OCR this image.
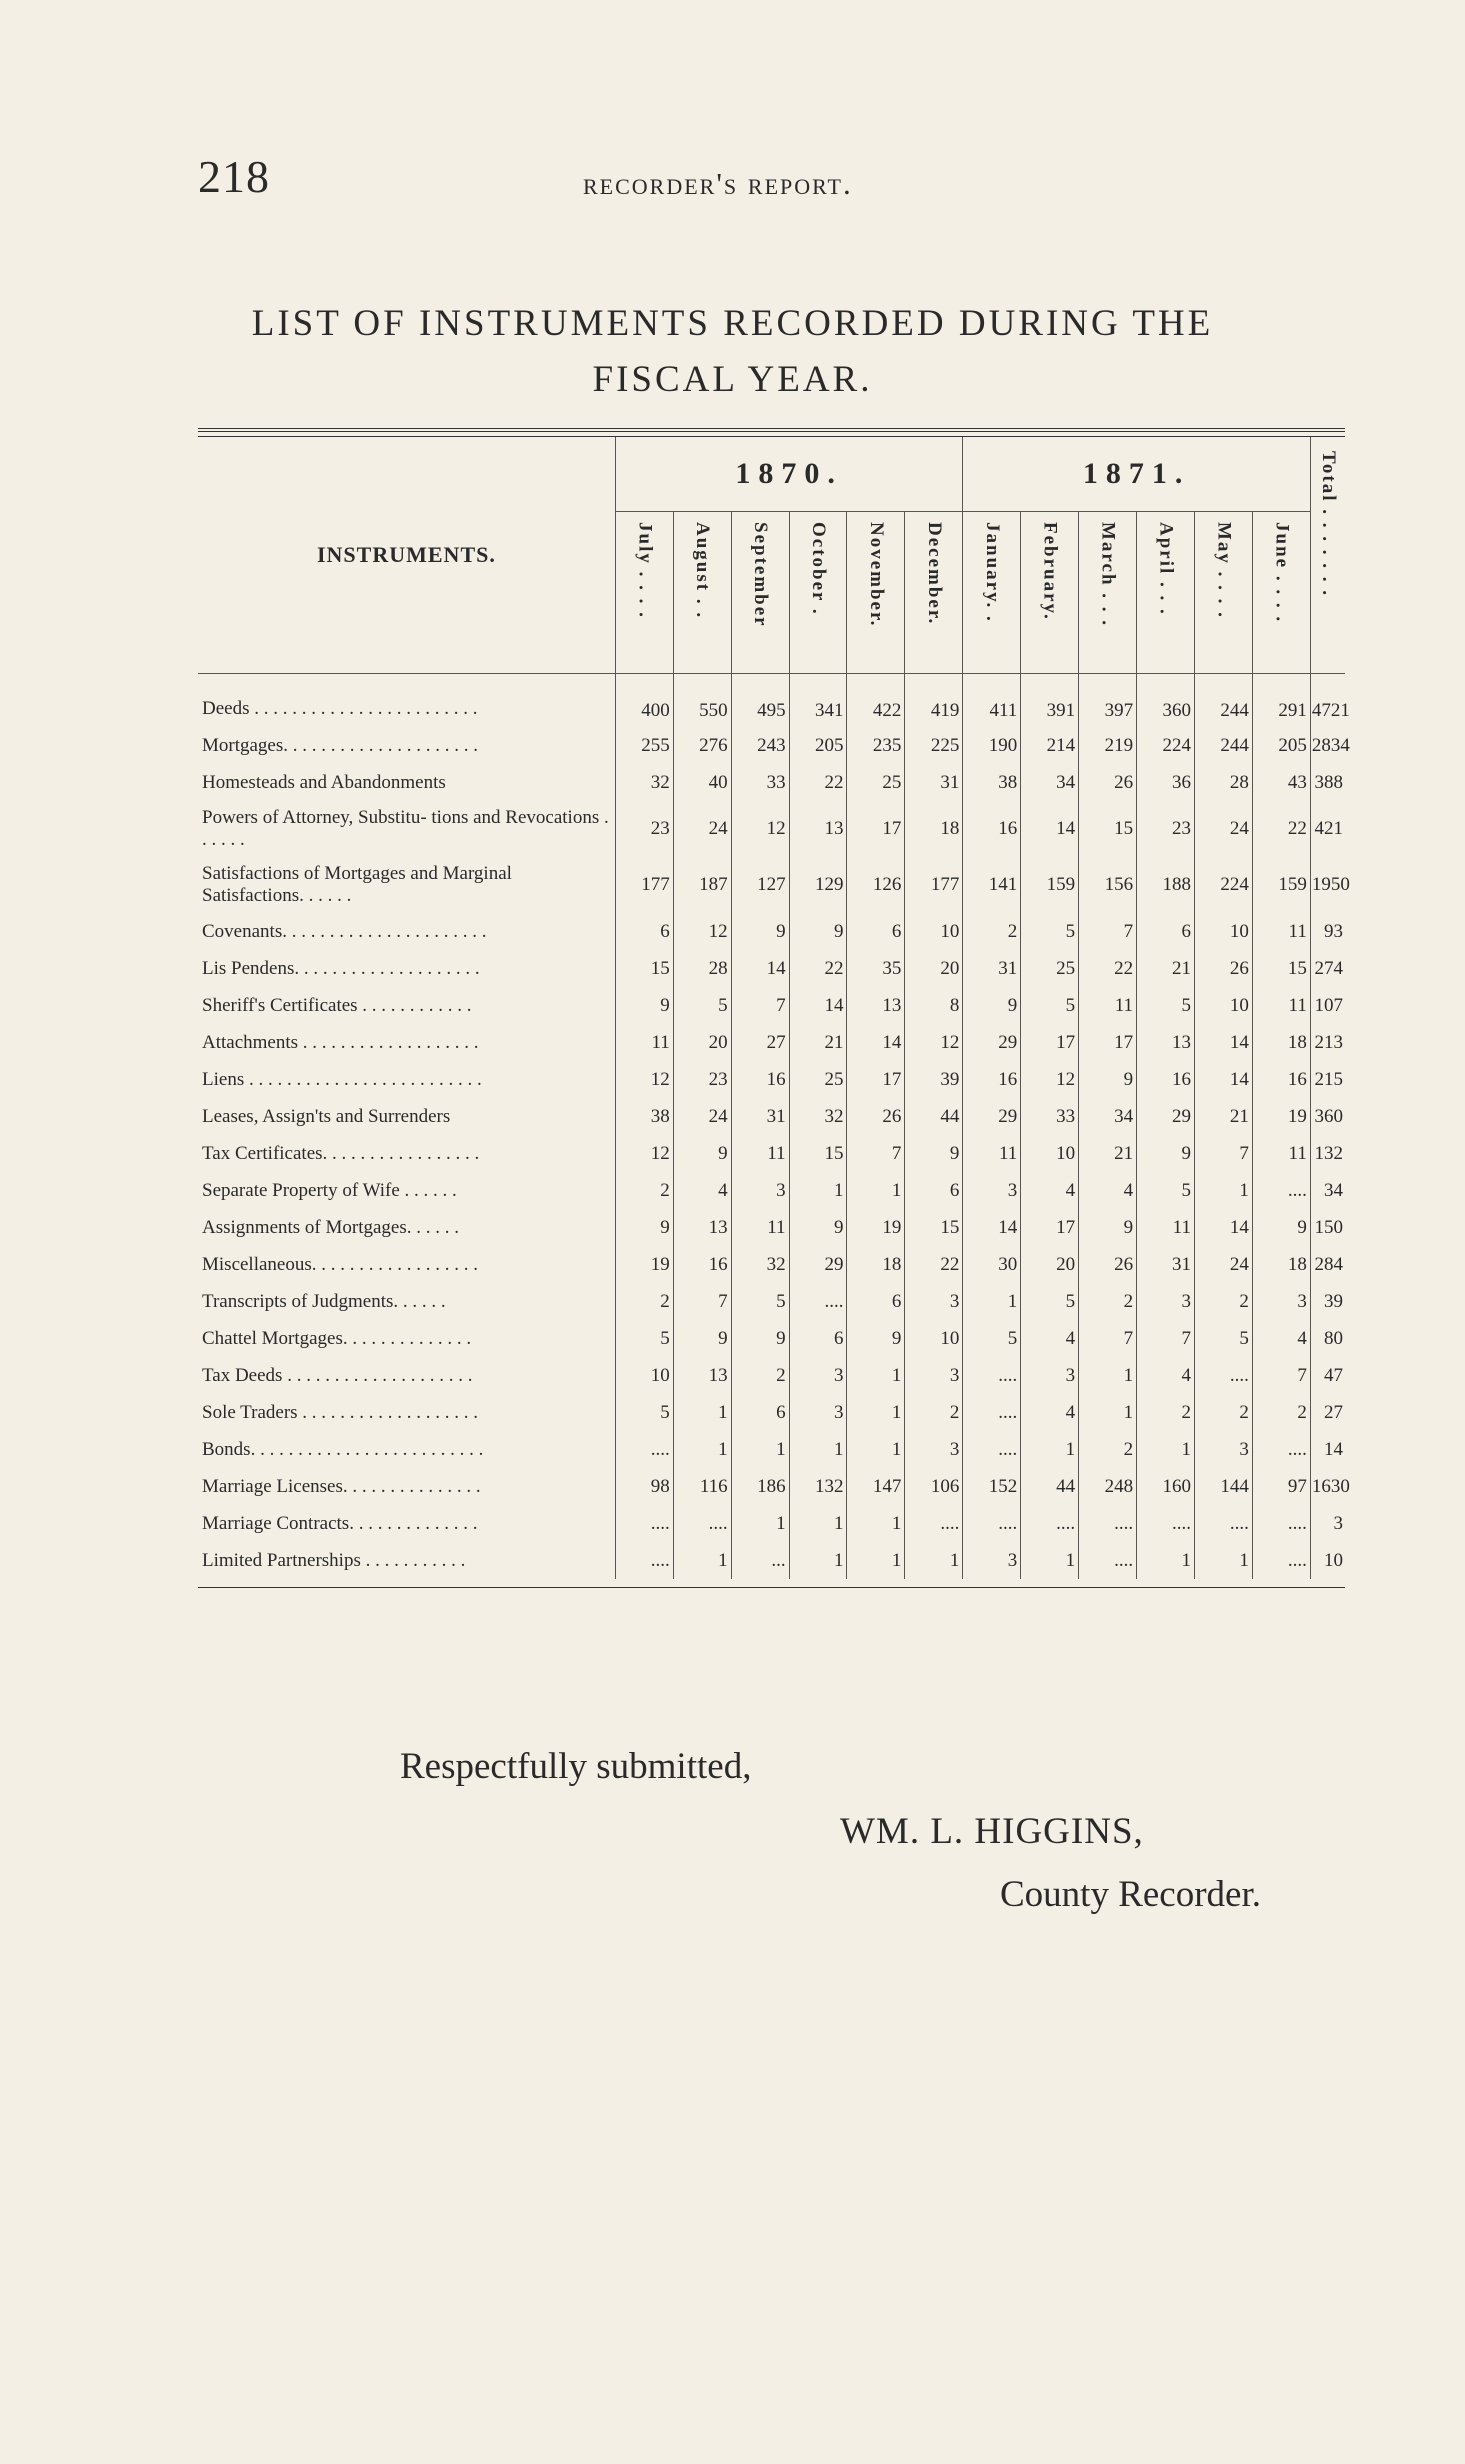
218	recorder's report.
LIST OF INSTRUMENTS RECORDED DURING THE
FISCAL YEAR.
INSTRUMENTS.	1870.						1871.						Total . . . . . . .
	July . . . .	August . .	September	October .	November.	December.	January. .	February.	March . . .	April . . .	May . . . .	June . . . .	
Deeds . . . . . . . . . . . . . . . . . . . . . . . .	400	550	495	341	422	419	411	391	397	360	244	291	4721
Mortgages. . . . . . . . . . . . . . . . . . . . .	255	276	243	205	235	225	190	214	219	224	244	205	2834
Homesteads and Abandonments	32	40	33	22	25	31	38	34	26	36	28	43	388
Powers of Attorney, Substitu- tions and Revocations . . . . . .	23	24	12	13	17	18	16	14	15	23	24	22	421
Satisfactions of Mortgages and Marginal Satisfactions. . . . . .	177	187	127	129	126	177	141	159	156	188	224	159	1950
Covenants. . . . . . . . . . . . . . . . . . . . . .	6	12	9	9	6	10	2	5	7	6	10	11	93
Lis Pendens. . . . . . . . . . . . . . . . . . . .	15	28	14	22	35	20	31	25	22	21	26	15	274
Sheriff's Certificates . . . . . . . . . . . .	9	5	7	14	13	8	9	5	11	5	10	11	107
Attachments . . . . . . . . . . . . . . . . . . .	11	20	27	21	14	12	29	17	17	13	14	18	213
Liens . . . . . . . . . . . . . . . . . . . . . . . . .	12	23	16	25	17	39	16	12	9	16	14	16	215
Leases, Assign'ts and Surrenders	38	24	31	32	26	44	29	33	34	29	21	19	360
Tax Certificates. . . . . . . . . . . . . . . . .	12	9	11	15	7	9	11	10	21	9	7	11	132
Separate Property of Wife . . . . . .	2	4	3	1	1	6	3	4	4	5	1	....	34
Assignments of Mortgages. . . . . .	9	13	11	9	19	15	14	17	9	11	14	9	150
Miscellaneous. . . . . . . . . . . . . . . . . .	19	16	32	29	18	22	30	20	26	31	24	18	284
Transcripts of Judgments. . . . . .	2	7	5	....	6	3	1	5	2	3	2	3	39
Chattel Mortgages. . . . . . . . . . . . . .	5	9	9	6	9	10	5	4	7	7	5	4	80
Tax Deeds . . . . . . . . . . . . . . . . . . . .	10	13	2	3	1	3	....	3	1	4	....	7	47
Sole Traders . . . . . . . . . . . . . . . . . . .	5	1	6	3	1	2	....	4	1	2	2	2	27
Bonds. . . . . . . . . . . . . . . . . . . . . . . . .	....	1	1	1	1	3	....	1	2	1	3	....	14
Marriage Licenses. . . . . . . . . . . . . . .	98	116	186	132	147	106	152	44	248	160	144	97	1630
Marriage Contracts. . . . . . . . . . . . . .	....	....	1	1	1	....	....	....	....	....	....	....	3
Limited Partnerships . . . . . . . . . . .	....	1	...	1	1	1	3	1	....	1	1	....	10
Respectfully submitted,
WM. L. HIGGINS,
County Recorder.
